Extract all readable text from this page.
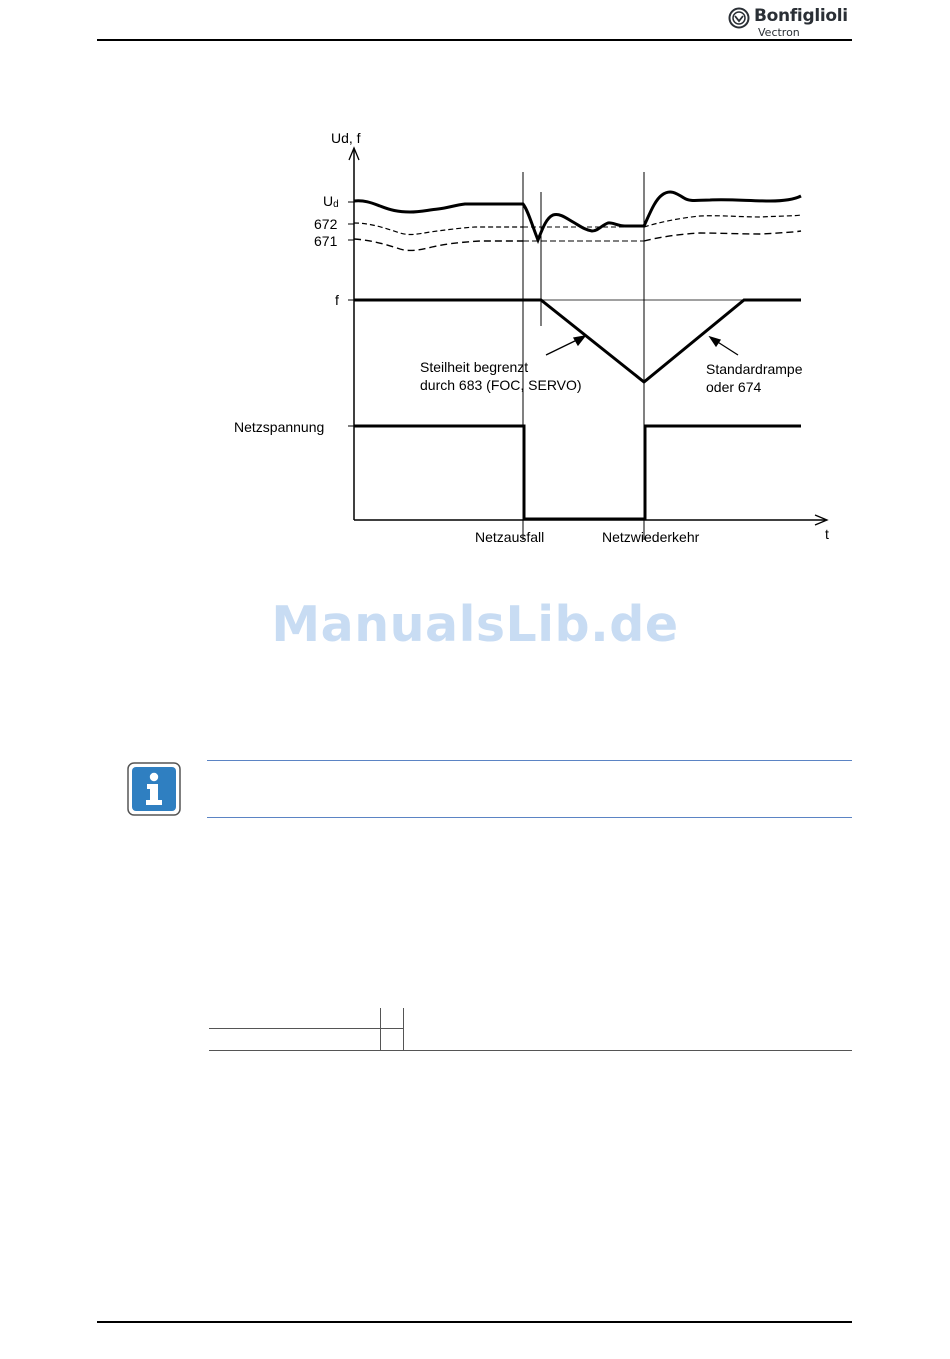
Bonfiglioli
Vectron
Ud, f
t
Ud
672
671
f
Netzspannung
Steilheit begrenzt
durch 683 (FOC, SERVO)
Standardrampe
oder 674
Netzausfall	Netzwiederkehr
ManualsLib.de
